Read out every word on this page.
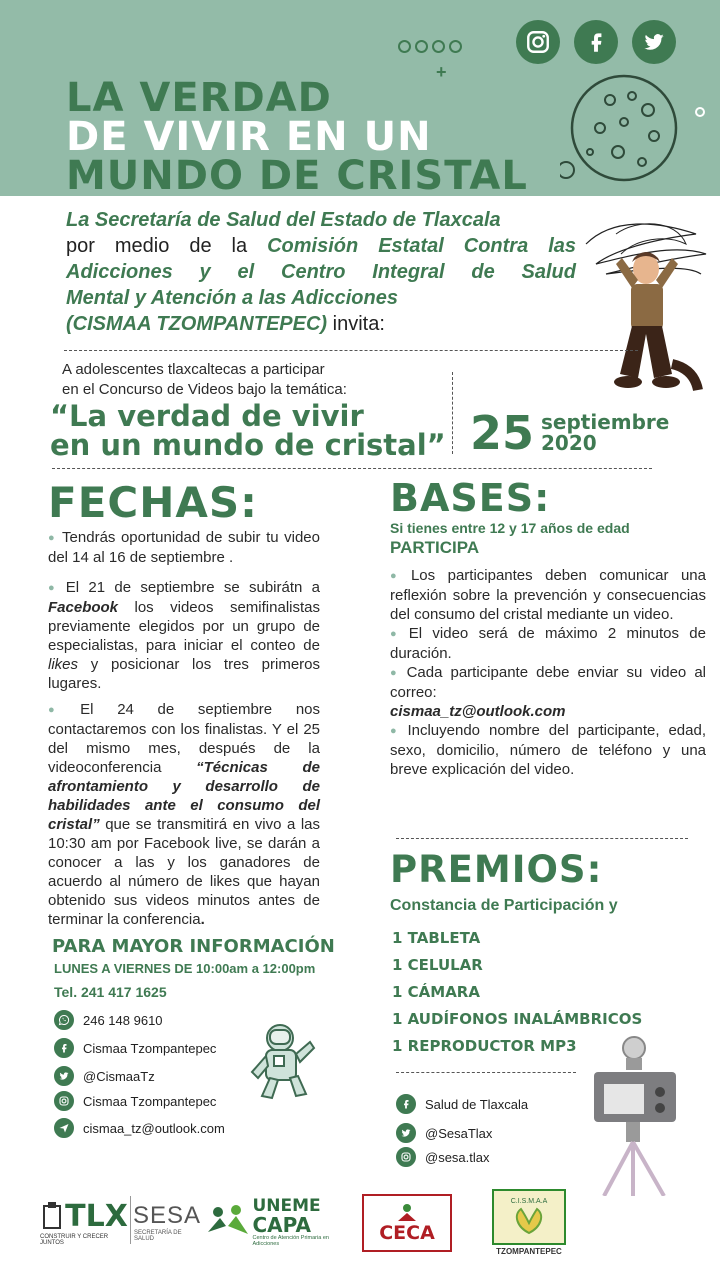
+
LA VERDAD
DE VIVIR EN UN
MUNDO DE CRISTAL
La Secretaría de Salud del Estado de Tlaxcala
por medio de la Comisión Estatal Contra las
Adicciones y el Centro Integral de Salud
Mental y Atención a las Adicciones
(CISMAA TZOMPANTEPEC) invita:
A adolescentes tlaxcaltecas a participar
en el Concurso de Videos bajo la temática:
“La verdad de vivir
en un mundo de cristal” 25 septiembre
2020
FECHAS:
● Tendrás oportunidad de subir tu video del 14 al 16 de septiembre .
● El 21 de septiembre se subirátn a Facebook los videos semifinalistas previamente elegidos por un grupo de especialistas, para iniciar el conteo de likes y posicionar los tres primeros lugares.
● El 24 de septiembre nos contactaremos con los finalistas. Y el 25 del mismo mes, después de la videoconferencia “Técnicas de afrontamiento y desarrollo de habilidades ante el consumo del cristal” que se transmitirá en vivo a las 10:30 am por Facebook live, se darán a conocer a las y los ganadores de acuerdo al número de likes que hayan obtenido sus videos minutos antes de terminar la conferencia.
BASES:
Si tienes entre 12 y 17 años de edad
PARTICIPA
● Los participantes deben comunicar una reflexión sobre la prevención y consecuencias del consumo del cristal mediante un video.
● El video será de máximo 2 minutos de duración.
● Cada participante debe enviar su video al correo:
cismaa_tz@outlook.com
● Incluyendo nombre del participante, edad, sexo, domicilio, número de teléfono y una breve explicación del video.
PREMIOS:
Constancia de Participación y
1 TABLETA
1 CELULAR
1 CÁMARA
1 AUDÍFONOS INALÁMBRICOS
1 REPRODUCTOR MP3
PARA MAYOR INFORMACIÓN
LUNES A VIERNES DE 10:00am a 12:00pm
Tel. 241 417 1625
246 148 9610
Cismaa Tzompantepec
@CismaaTz
Cismaa Tzompantepec
cismaa_tz@outlook.com
Salud de Tlaxcala
@SesaTlax
@sesa.tlax
TLX
CONSTRUIR Y CRECER JUNTOS
SESA
SECRETARÍA DE SALUD
UNEME
CAPA
Centro de Atención Primaria en Adicciones	CECA
C.I.S.M.A.A
TZOMPANTEPEC
